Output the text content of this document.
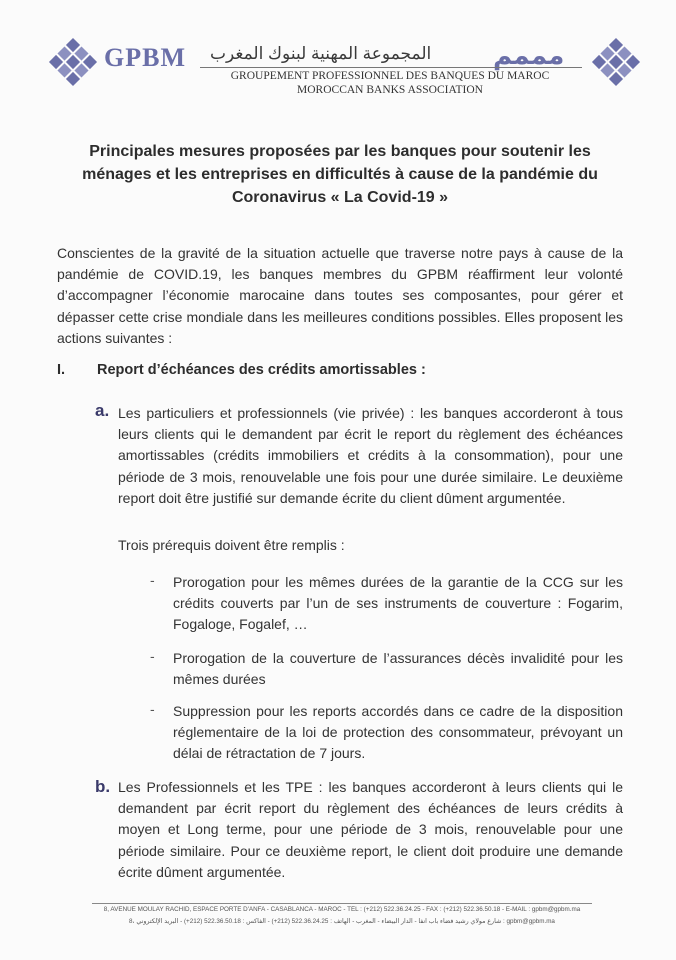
GPBM المجموعة المهنية لبنوك المغرب مممم
GROUPEMENT PROFESSIONNEL DES BANQUES DU MAROC
MOROCCAN BANKS ASSOCIATION
Principales mesures proposées par les banques pour soutenir les ménages et les entreprises en difficultés à cause de la pandémie du Coronavirus « La Covid-19 »
Conscientes de la gravité de la situation actuelle que traverse notre pays à cause de la pandémie de COVID.19, les banques membres du GPBM réaffirment leur volonté d’accompagner l’économie marocaine dans toutes ses composantes, pour gérer et dépasser cette crise mondiale dans les meilleures conditions possibles. Elles proposent les actions suivantes :
I. Report d’échéances des crédits amortissables :
a. Les particuliers et professionnels (vie privée) : les banques accorderont à tous leurs clients qui le demandent par écrit le report du règlement des échéances amortissables (crédits immobiliers et crédits à la consommation), pour une période de 3 mois, renouvelable une fois pour une durée similaire. Le deuxième report doit être justifié sur demande écrite du client dûment argumentée.
Trois prérequis doivent être remplis :
- Prorogation pour les mêmes durées de la garantie de la CCG sur les crédits couverts par l’un de ses instruments de couverture : Fogarim, Fogaloge, Fogalef, …
- Prorogation de la couverture de l’assurances décès invalidité pour les mêmes durées
- Suppression pour les reports accordés dans ce cadre de la disposition réglementaire de la loi de protection des consommateur, prévoyant un délai de rétractation de 7 jours.
b. Les Professionnels et les TPE : les banques accorderont à leurs clients qui le demandent par écrit report du règlement des échéances de leurs crédits à moyen et Long terme, pour une période de 3 mois, renouvelable pour une période similaire. Pour ce deuxième report, le client doit produire une demande écrite dûment argumentée.
8, AVENUE MOULAY RACHID, ESPACE PORTE D'ANFA - CASABLANCA - MAROC - TÉL : (+212) 522.36.24.25 - FAX : (+212) 522.36.50.18 - E-MAIL : gpbm@gpbm.ma
8، شارع مولاي رشيد فضاء باب أنفا - الدار البيضاء - المغرب - الهاتف : 522.36.24.25 (212+) - الفاكس : 522.36.50.18 (212+) - البريد الإلكتروني : gpbm@gpbm.ma
